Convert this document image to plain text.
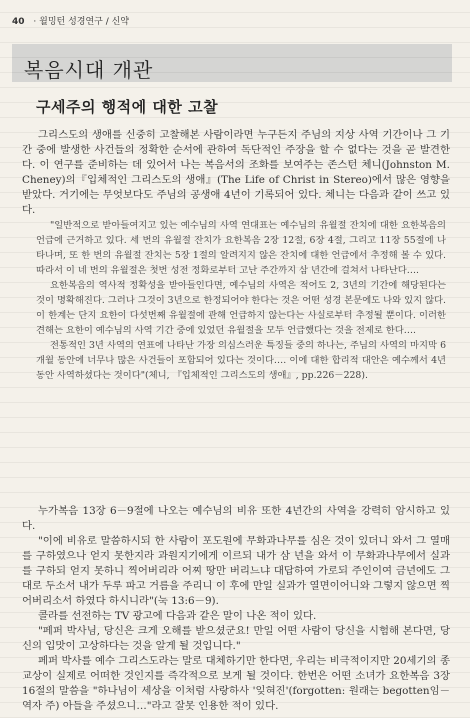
40 · 윌밍턴 성경연구 / 신약
복음시대 개관
구세주의 행적에 대한 고찰

그리스도의 생애를 신중히 고찰해본 사람이라면 누구든지 주님의 지상 사역 기간이나 그 기간 중에 발생한 사건들의 정확한 순서에 관하여 독단적인 주장을 할 수 없다는 것을 곧 발견한다. 이 연구를 준비하는 데 있어서 나는 복음서의 조화를 보여주는 존스턴 체니(Johnston M. Cheney)의『입체적인 그리스도의 생애』(The Life of Christ in Stereo)에서 많은 영향을 받았다. 거기에는 무엇보다도 주님의 공생애 4년이 기록되어 있다. 체니는 다음과 같이 쓰고 있다.

"일반적으로 받아들여지고 있는 예수님의 사역 연대표는 예수님의 유월절 잔치에 대한 요한복음의 언급에 근거하고 있다. 세 번의 유월절 잔치가 요한복음 2장 12절, 6장 4절, 그리고 11장 55절에 나타나며, 또 한 번의 유월절 잔치는 5장 1절의 알려지지 않은 잔치에 대한 언급에서 추정해 볼 수 있다. 따라서 이 네 번의 유월절은 첫번 성전 정화로부터 고난 주간까지 삼 년간에 걸쳐서 나타난다….

요한복음의 역사적 정확성을 받아들인다면, 예수님의 사역은 적어도 2, 3년의 기간에 해당된다는 것이 명확해진다. 그러나 그것이 3년으로 한정되어야 한다는 것은 어떤 성경 본문에도 나와 있지 않다. 이 한계는 단지 요한이 다섯번째 유월절에 관해 언급하지 않는다는 사실로부터 추정될 뿐이다. 이러한 견해는 요한이 예수님의 사역 기간 중에 있었던 유월절을 모두 언급했다는 것을 전제로 한다….

전통적인 3년 사역의 연표에 나타난 가장 의심스러운 특징들 중의 하나는, 주님의 사역의 마지막 6개월 동안에 너무나 많은 사건들이 포함되어 있다는 것이다…. 이에 대한 합리적 대안은 예수께서 4년 동안 사역하셨다는 것이다"(체니, 『입체적인 그리스도의 생애』, pp.226－228).

누가복음 13장 6－9절에 나오는 예수님의 비유 또한 4년간의 사역을 강력히 암시하고 있다.

"이에 비유로 말씀하시되 한 사람이 포도원에 무화과나무를 심은 것이 있더니 와서 그 열매를 구하였으나 얻지 못한지라 과원지기에게 이르되 내가 삼 년을 와서 이 무화과나무에서 실과를 구하되 얻지 못하니 찍어버리라 어찌 땅만 버리느냐 대답하여 가로되 주인이여 금년에도 그대로 두소서 내가 두루 파고 거름을 주리니 이 후에 만일 실과가 열면이어니와 그렇지 않으면 찍어버리소서 하였다 하시니라"(눅 13:6－9).

콜라를 선전하는 TV 광고에 다음과 같은 말이 나온 적이 있다.

"페퍼 박사님, 당신은 크게 오해를 받으셨군요! 만일 어떤 사람이 당신을 시험해 본다면, 당신의 입맛이 고상하다는 것을 알게 될 것입니다."

페퍼 박사를 예수 그리스도라는 말로 대체하기만 한다면, 우리는 비극적이지만 20세기의 종교상이 실제로 어떠한 것인지를 즉각적으로 보게 될 것이다. 한번은 어떤 소녀가 요한복음 3장 16절의 말씀을 "하나님이 세상을 이처럼 사랑하사 '잊혀진'(forgotten: 원래는 begotten임－역자 주) 아들을 주셨으니…"라고 잘못 인용한 적이 있다.
